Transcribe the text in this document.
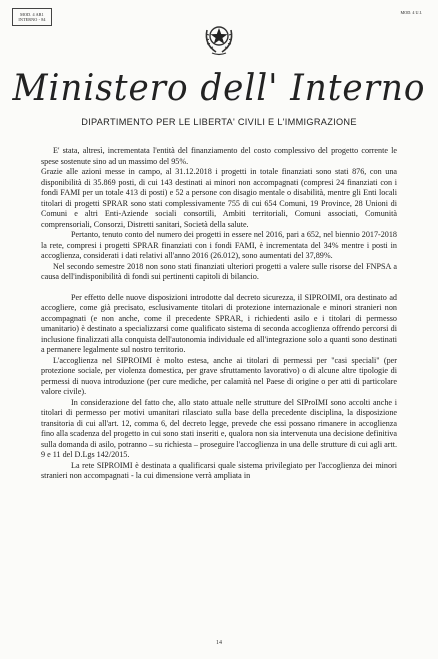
MOD. 4 AR1
INTERNO - 84
MOD. 4 U.I.
Ministero dell' Interno
DIPARTIMENTO PER LE LIBERTA' CIVILI E L'IMMIGRAZIONE

E' stata, altresì, incrementata l'entità del finanziamento del costo complessivo del progetto corrente le spese sostenute sino ad un massimo del 95%.

Grazie alle azioni messe in campo, al 31.12.2018 i progetti in totale finanziati sono stati 876, con una disponibilità di 35.869 posti, di cui 143 destinati ai minori non accompagnati (compresi 24 finanziati con i fondi FAMI per un totale 413 di posti) e 52 a persone con disagio mentale o disabilità, mentre gli Enti locali titolari di progetti SPRAR sono stati complessivamente 755 di cui 654 Comuni, 19 Province, 28 Unioni di Comuni e altri Enti-Aziende sociali consortili, Ambiti territoriali, Comuni associati, Comunità comprensoriali, Consorzi, Distretti sanitari, Società della salute.

Pertanto, tenuto conto del numero dei progetti in essere nel 2016, pari a 652, nel biennio 2017-2018 la rete, compresi i progetti SPRAR finanziati con i fondi FAMI, è incrementata del 34% mentre i posti in accoglienza, considerati i dati relativi all'anno 2016 (26.012), sono aumentati del 37,89%.

Nel secondo semestre 2018 non sono stati finanziati ulteriori progetti a valere sulle risorse del FNPSA a causa dell'indisponibilità di fondi sui pertinenti capitoli di bilancio.

Per effetto delle nuove disposizioni introdotte dal decreto sicurezza, il SIPROIMI, ora destinato ad accogliere, come già precisato, esclusivamente titolari di protezione internazionale e minori stranieri non accompagnati (e non anche, come il precedente SPRAR, i richiedenti asilo e i titolari di permesso umanitario) è destinato a specializzarsi come qualificato sistema di seconda accoglienza offrendo percorsi di inclusione finalizzati alla conquista dell'autonomia individuale ed all'integrazione solo a quanti sono destinati a permanere legalmente sul nostro territorio.

L'accoglienza nel SIPROIMI è molto estesa, anche ai titolari di permessi per "casi speciali" (per protezione sociale, per violenza domestica, per grave sfruttamento lavorativo) o di alcune altre tipologie di permessi di nuova introduzione (per cure mediche, per calamità nel Paese di origine o per atti di particolare valore civile).

In considerazione del fatto che, allo stato attuale nelle strutture del SIProIMI sono accolti anche i titolari di permesso per motivi umanitari rilasciato sulla base della precedente disciplina, la disposizione transitoria di cui all'art. 12, comma 6, del decreto legge, prevede che essi possano rimanere in accoglienza fino alla scadenza del progetto in cui sono stati inseriti e, qualora non sia intervenuta una decisione definitiva sulla domanda di asilo, potranno – su richiesta – proseguire l'accoglienza in una delle strutture di cui agli artt. 9 e 11 del D.Lgs 142/2015.

La rete SIPROIMI è destinata a qualificarsi quale sistema privilegiato per l'accoglienza dei minori stranieri non accompagnati - la cui dimensione verrà ampliata in

14
